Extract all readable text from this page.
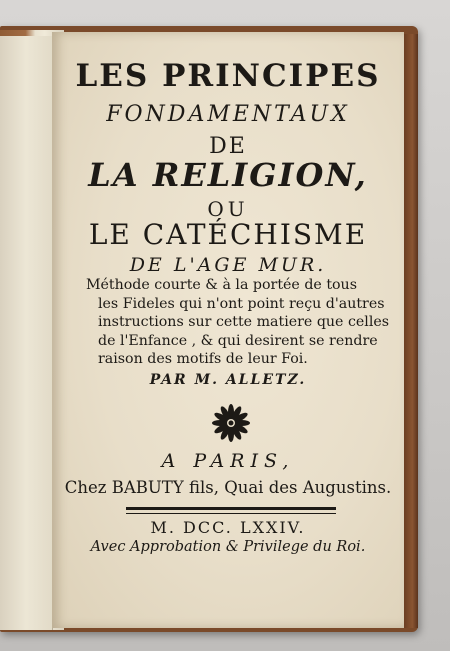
LES PRINCIPES
FONDAMENTAUX
DE
LA RELIGION,
OU
LE CATÉCHISME
DE L'AGE MUR.
Méthode courte & à la portée de tous
les Fideles qui n'ont point reçu d'autres
instructions sur cette matiere que celles
de l'Enfance , & qui desirent se rendre
raison des motifs de leur Foi.
PAR M. ALLETZ.
A PARIS,
Chez BABUTY fils, Quai des Augustins.
M. DCC. LXXIV.
Avec Approbation & Privilege du Roi.
